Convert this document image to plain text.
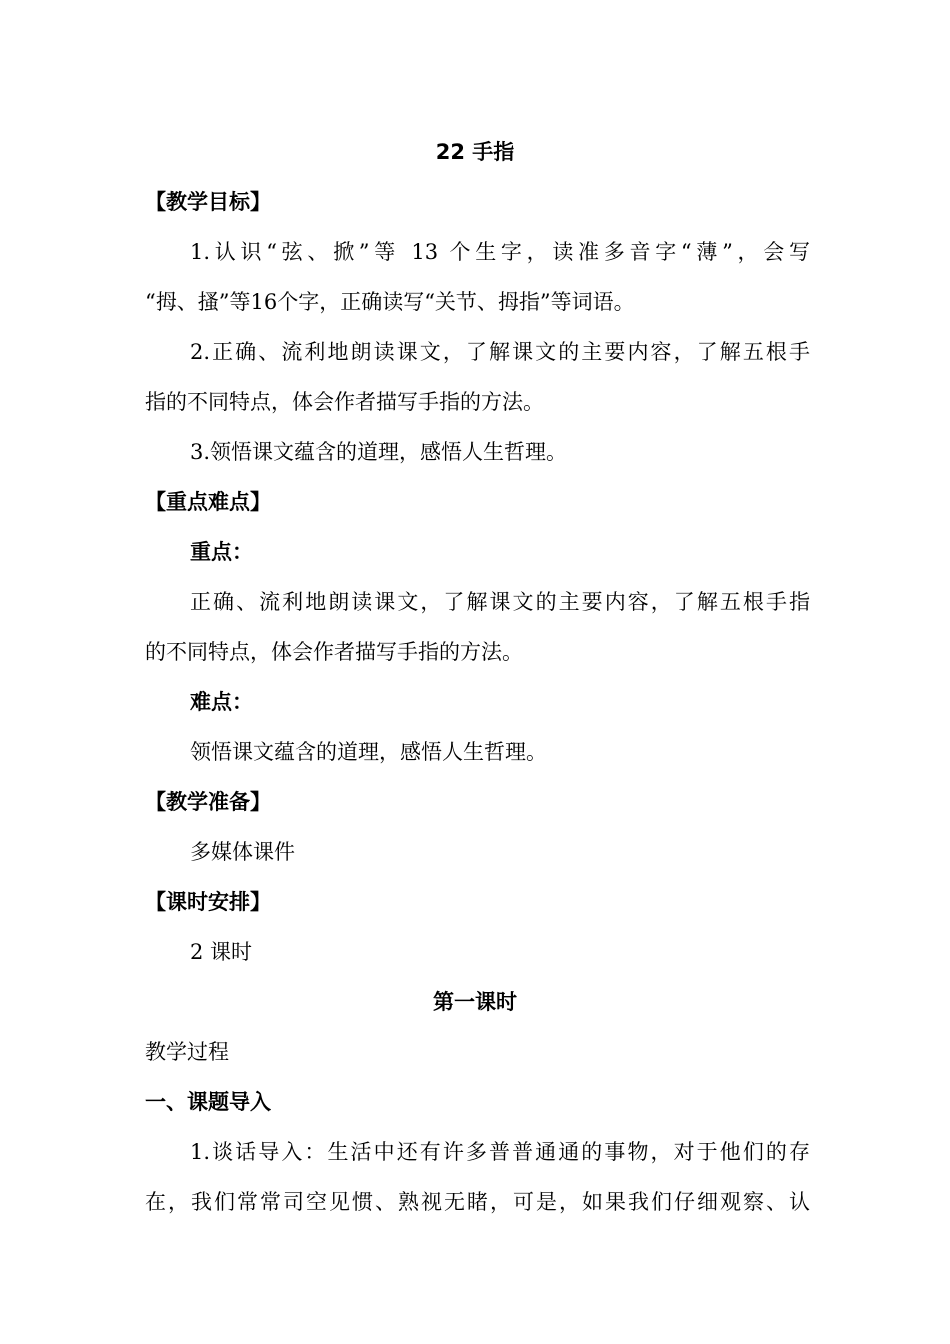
22 手指
【教学目标】
1.认识“弦、掀”等 13 个生字，读准多音字“薄”，会写
“拇、搔”等16个字，正确读写“关节、拇指”等词语。
2.正确、流利地朗读课文，了解课文的主要内容，了解五根手
指的不同特点，体会作者描写手指的方法。
3.领悟课文蕴含的道理，感悟人生哲理。
【重点难点】
重点：
正确、流利地朗读课文，了解课文的主要内容，了解五根手指
的不同特点，体会作者描写手指的方法。
难点：
领悟课文蕴含的道理，感悟人生哲理。
【教学准备】
多媒体课件
【课时安排】
2 课时
第一课时
教学过程
一、课题导入
1.谈话导入：生活中还有许多普普通通的事物，对于他们的存
在，我们常常司空见惯、熟视无睹，可是，如果我们仔细观察、认
